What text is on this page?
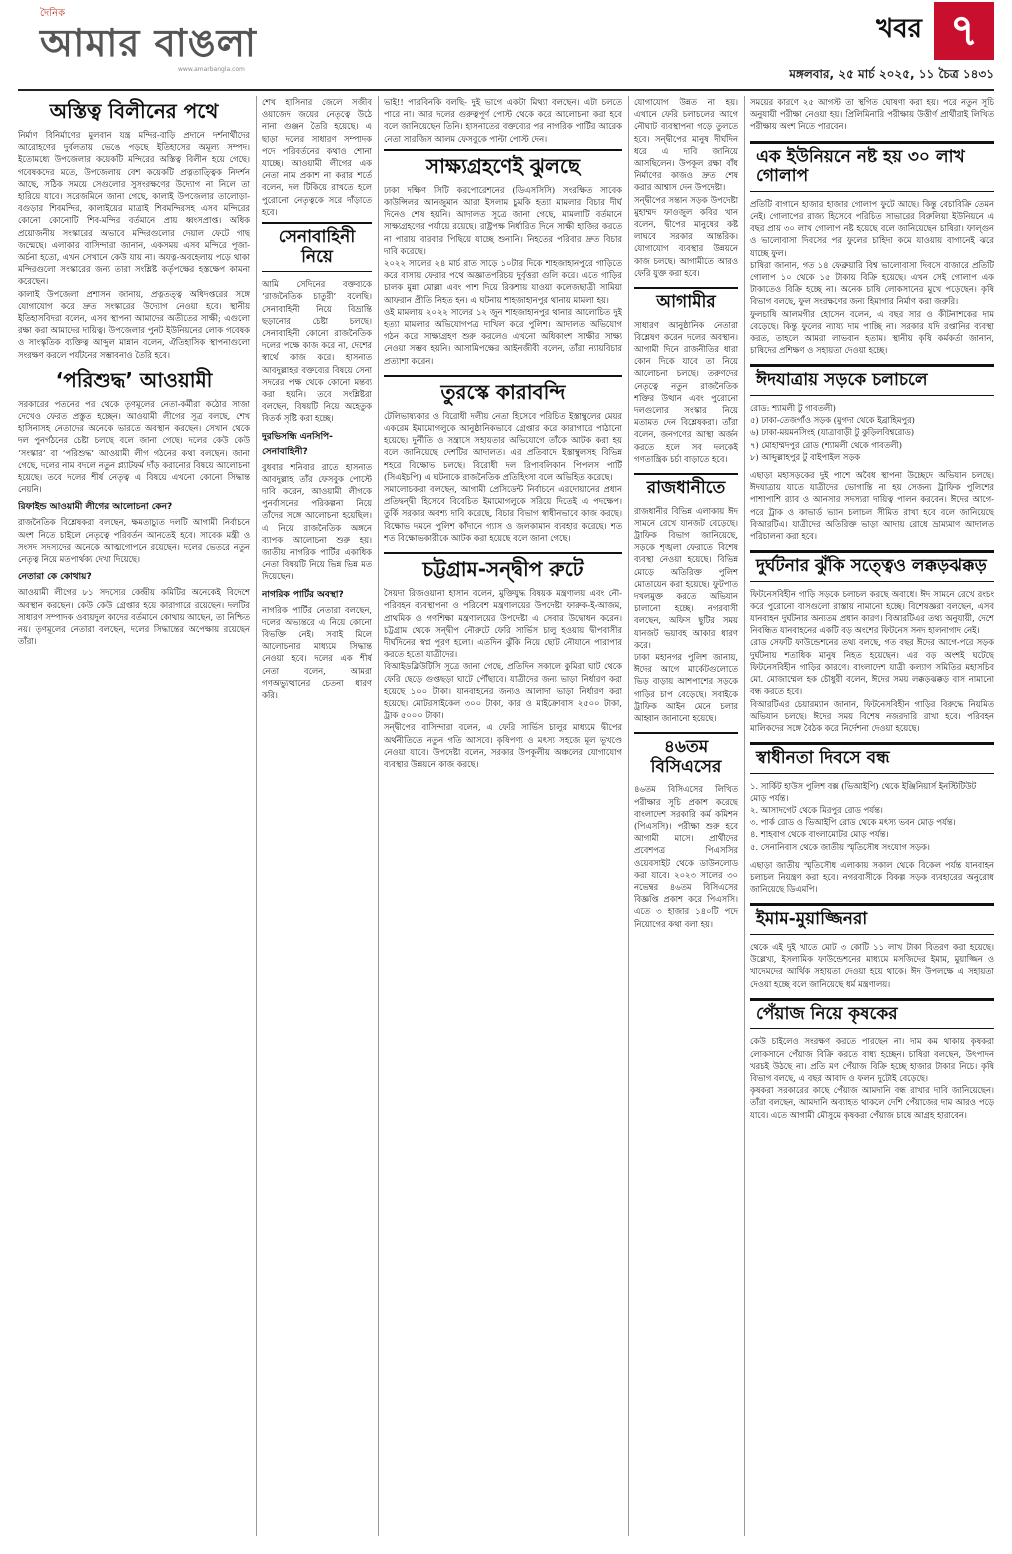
দৈনিক
আমার বাঙলা
www.amarbangla.com
খবর ৭
মঙ্গলবার, ২৫ মার্চ ২০২৫, ১১ চৈত্র ১৪৩১
অস্তিত্ব বিলীনের পথে

নির্মাণ বিনির্মাণের মুলবান যন্ত্র মন্দির-বাড়ি প্রদানে দর্শনার্থীদের আরোহণের দুর্বলতায় ভেঙে পড়ছে ইতিহাসের অমূল্য সম্পদ। ইতোমধ্যে উপজেলার কয়েকটি মন্দিরের অস্তিত্ব বিলীন হয়ে গেছে। গবেষকদের মতে, উপজেলায় বেশ কয়েকটি প্রত্নতাত্ত্বিক নিদর্শন আছে, সঠিক সময়ে সেগুলোর সুসংরক্ষণের উদ্যোগ না নিলে তা হারিয়ে যাবে। সরেজমিনে জানা গেছে, কালাই উপজেলার তালোড়া-বগুড়ার শিবমন্দির, কালাইয়ের মাত্রাই শিবমন্দিরসহ এসব মন্দিরের কোনো কোনোটি শিব-মন্দির বর্তমানে প্রায় ধ্বংসপ্রাপ্ত। অধিক প্রয়োজনীয় সংস্কারের অভাবে মন্দিরগুলোর দেয়াল ফেটে গাছ জন্মেছে। এলাকার বাসিন্দারা জানান, একসময় এসব মন্দিরে পূজা-অর্চনা হতো, এখন সেখানে কেউ যায় না। অযত্ন-অবহেলায় পড়ে থাকা মন্দিরগুলো সংস্কারের জন্য তারা সংশ্লিষ্ট কর্তৃপক্ষের হস্তক্ষেপ কামনা করেছেন।

কালাই উপজেলা প্রশাসন জানায়, প্রত্নতত্ত্ব অধিদপ্তরের সঙ্গে যোগাযোগ করে দ্রুত সংস্কারের উদ্যোগ নেওয়া হবে। স্থানীয় ইতিহাসবিদরা বলেন, এসব স্থাপনা আমাদের অতীতের সাক্ষী; এগুলো রক্ষা করা আমাদের দায়িত্ব। উপজেলার পুনট ইউনিয়নের লোক গবেষক ও সাংস্কৃতিক ব্যক্তিত্ব আব্দুল মান্নান বলেন, ঐতিহাসিক স্থাপনাগুলো সংরক্ষণ করলে পর্যটনের সম্ভাবনাও তৈরি হবে।

‘পরিশুদ্ধ’ আওয়ামী

সরকারের পতনের পর থেকে তৃণমূলের নেতা-কর্মীরা কঠোর সাজা দেখেও ফেরত প্রস্তুত হচ্ছেন। আওয়ামী লীগের সূত্র বলছে, শেখ হাসিনাসহ নেতাদের অনেকে ভারতে অবস্থান করছেন। সেখান থেকে দল পুনর্গঠনের চেষ্টা চলছে বলে জানা গেছে। দলের কেউ কেউ ‘সংস্কার’ বা ‘পরিশুদ্ধ’ আওয়ামী লীগ গঠনের কথা বলছেন। জানা গেছে, দলের নাম বদলে নতুন প্ল্যাটফর্ম দাঁড় করানোর বিষয়ে আলোচনা হয়েছে। তবে দলের শীর্ষ নেতৃত্ব এ বিষয়ে এখনো কোনো সিদ্ধান্ত নেয়নি।

রিফাইন্ড আওয়ামী লীগের আলোচনা কেন?

রাজনৈতিক বিশ্লেষকরা বলছেন, ক্ষমতাচ্যুত দলটি আগামী নির্বাচনে অংশ নিতে চাইলে নেতৃত্বে পরিবর্তন আনতেই হবে। সাবেক মন্ত্রী ও সংসদ সদস্যদের অনেকে আত্মগোপনে রয়েছেন। দলের ভেতরে নতুন নেতৃত্ব নিয়ে মতপার্থক্য দেখা দিয়েছে।

নেতারা কে কোথায়?

আওয়ামী লীগের ৮১ সদস্যের কেন্দ্রীয় কমিটির অনেকেই বিদেশে অবস্থান করছেন। কেউ কেউ গ্রেপ্তার হয়ে কারাগারে রয়েছেন। দলটির সাধারণ সম্পাদক ওবায়দুল কাদের বর্তমানে কোথায় আছেন, তা নিশ্চিত নয়। তৃণমূলের নেতারা বলছেন, দলের সিদ্ধান্তের অপেক্ষায় রয়েছেন তাঁরা।

শেখ হাসিনার জেলে সজীব ওয়াজেদ জয়ের নেতৃত্বে উঠে নানা গুঞ্জন তৈরি হয়েছে। এ ছাড়া দলের সাধারণ সম্পাদক পদে পরিবর্তনের কথাও শোনা যাচ্ছে। আওয়ামী লীগের এক নেতা নাম প্রকাশ না করার শর্তে বলেন, দল টিকিয়ে রাখতে হলে পুরোনো নেতৃত্বকে সরে দাঁড়াতে হবে।

সেনাবাহিনী নিয়ে

আমি সেদিনের বক্তব্যকে ‘রাজনৈতিক চাতুরী’ বলেছি। সেনাবাহিনী নিয়ে বিভ্রান্তি ছড়ানোর চেষ্টা চলছে। সেনাবাহিনী কোনো রাজনৈতিক দলের পক্ষে কাজ করে না, দেশের স্বার্থে কাজ করে। হাসনাত আবদুল্লাহর বক্তব্যের বিষয়ে সেনা সদরের পক্ষ থেকে কোনো মন্তব্য করা হয়নি। তবে সংশ্লিষ্টরা বলছেন, বিষয়টি নিয়ে অহেতুক বিতর্ক সৃষ্টি করা হচ্ছে।

দুরভিসন্ধি এনসিপি-সেনাবাহিনী?

বুধবার শনিবার রাতে হাসনাত আবদুল্লাহ তাঁর ফেসবুক পোস্টে দাবি করেন, আওয়ামী লীগকে পুনর্বাসনের পরিকল্পনা নিয়ে তাঁদের সঙ্গে আলোচনা হয়েছিল। এ নিয়ে রাজনৈতিক অঙ্গনে ব্যাপক আলোচনা শুরু হয়। জাতীয় নাগরিক পার্টির একাধিক নেতা বিষয়টি নিয়ে ভিন্ন ভিন্ন মত দিয়েছেন।

নাগরিক পার্টির অবস্থা?

নাগরিক পার্টির নেতারা বলছেন, দলের অভ্যন্তরে এ নিয়ে কোনো বিভক্তি নেই। সবাই মিলে আলোচনার মাধ্যমে সিদ্ধান্ত নেওয়া হবে। দলের এক শীর্ষ নেতা বলেন, আমরা গণঅভ্যুত্থানের চেতনা ধারণ করি।

ভাই!! পারবিনকি বলছি- দুই ভাগে একটা মিথ্যা বলছেন। এটা চলতে পারে না। আর দলের গুরুত্বপূর্ণ পোস্ট থেকে করে আলোচনা করা হবে বলে জানিয়েছেন তিনি। হাসনাতের বক্তব্যের পর নাগরিক পার্টির আরেক নেতা সারজিস আলম ফেসবুকে পাল্টা পোস্ট দেন।

সাক্ষ্যগ্রহণেই ঝুলছে

ঢাকা দক্ষিণ সিটি করপোরেশনের (ডিএসসিসি) সংরক্ষিত সাবেক কাউন্সিলর আনজুমান আরা ইসলাম চুমকি হত্যা মামলার বিচার দীর্ঘ দিনেও শেষ হয়নি। আদালত সূত্রে জানা গেছে, মামলাটি বর্তমানে সাক্ষ্যগ্রহণের পর্যায়ে রয়েছে। রাষ্ট্রপক্ষ নির্ধারিত দিনে সাক্ষী হাজির করতে না পারায় বারবার পিছিয়ে যাচ্ছে শুনানি। নিহতের পরিবার দ্রুত বিচার দাবি করেছে।

২০২২ সালের ২৪ মার্চ রাত সাড়ে ১০টার দিকে শাহজাহানপুরে গাড়িতে করে বাসায় ফেরার পথে অজ্ঞাতপরিচয় দুর্বৃত্তরা গুলি করে। এতে গাড়ির চালক মুন্না মোল্লা এবং পাশ দিয়ে রিকশায় যাওয়া কলেজছাত্রী সামিয়া আফরান প্রীতি নিহত হন। এ ঘটনায় শাহজাহানপুর থানায় মামলা হয়।

ওই মামলায় ২০২২ সালের ১২ জুন শাহজাহানপুর থানার আলোচিত দুই হত্যা মামলার অভিযোগপত্র দাখিল করে পুলিশ। আদালত অভিযোগ গঠন করে সাক্ষ্যগ্রহণ শুরু করলেও এখনো অধিকাংশ সাক্ষীর সাক্ষ্য নেওয়া সম্ভব হয়নি। আসামিপক্ষের আইনজীবী বলেন, তাঁরা ন্যায়বিচার প্রত্যাশা করেন।

তুরস্কে কারাবন্দি

টেলিভাষ্যকার ও বিরোধী দলীয় নেতা হিসেবে পরিচিত ইস্তাম্বুলের মেয়র একরেম ইমামোগলুকে আনুষ্ঠানিকভাবে গ্রেপ্তার করে কারাগারে পাঠানো হয়েছে। দুর্নীতি ও সন্ত্রাসে সহায়তার অভিযোগে তাঁকে আটক করা হয় বলে জানিয়েছে দেশটির আদালত। এর প্রতিবাদে ইস্তাম্বুলসহ বিভিন্ন শহরে বিক্ষোভ চলছে। বিরোধী দল রিপাবলিকান পিপলস পার্টি (সিএইচপি) এ ঘটনাকে রাজনৈতিক প্রতিহিংসা বলে অভিহিত করেছে।

সমালোচকরা বলছেন, আগামী প্রেসিডেন্ট নির্বাচনে এরদোয়ানের প্রধান প্রতিদ্বন্দ্বী হিসেবে বিবেচিত ইমামোগলুকে সরিয়ে দিতেই এ পদক্ষেপ। তুর্কি সরকার অবশ্য দাবি করেছে, বিচার বিভাগ স্বাধীনভাবে কাজ করছে। বিক্ষোভ দমনে পুলিশ কাঁদানে গ্যাস ও জলকামান ব্যবহার করেছে। শত শত বিক্ষোভকারীকে আটক করা হয়েছে বলে জানা গেছে।

চট্টগ্রাম-সন্দ্বীপ রুটে

সৈয়দা রিজওয়ানা হাসান বলেন, মুক্তিযুদ্ধ বিষয়ক মন্ত্রণালয় এবং নৌ-পরিবহন ব্যবস্থাপনা ও পরিবেশ মন্ত্রণালয়ের উপদেষ্টা ফারুক-ই-আজম, প্রাথমিক ও গণশিক্ষা মন্ত্রণালয়ের উপদেষ্টা এ সেবার উদ্বোধন করেন। চট্টগ্রাম থেকে সন্দ্বীপ নৌরুটে ফেরি সার্ভিস চালু হওয়ায় দ্বীপবাসীর দীর্ঘদিনের স্বপ্ন পূরণ হলো। এতদিন ঝুঁকি নিয়ে ছোট নৌযানে পারাপার করতে হতো যাত্রীদের।

বিআইডব্লিউটিসি সূত্রে জানা গেছে, প্রতিদিন সকালে কুমিরা ঘাট থেকে ফেরি ছেড়ে গুপ্তছড়া ঘাটে পৌঁছাবে। যাত্রীদের জন্য ভাড়া নির্ধারণ করা হয়েছে ১০০ টাকা। যানবাহনের জন্যও আলাদা ভাড়া নির্ধারণ করা হয়েছে। মোটরসাইকেল ৩০০ টাকা, কার ও মাইক্রোবাস ২৫০০ টাকা, ট্রাক ৫০০০ টাকা।

সন্দ্বীপের বাসিন্দারা বলেন, এ ফেরি সার্ভিস চালুর মাধ্যমে দ্বীপের অর্থনীতিতে নতুন গতি আসবে। কৃষিপণ্য ও মৎস্য সহজে মূল ভূখণ্ডে নেওয়া যাবে। উপদেষ্টা বলেন, সরকার উপকূলীয় অঞ্চলের যোগাযোগ ব্যবস্থার উন্নয়নে কাজ করছে।

যোগাযোগ উন্নত না হয়। এখানে ফেরি চলাচলের আগে নৌঘাট ব্যবস্থাপনা গড়ে তুলতে হবে। সন্দ্বীপের মানুষ দীর্ঘদিন ধরে এ দাবি জানিয়ে আসছিলেন। উপকূল রক্ষা বাঁধ নির্মাণের কাজও দ্রুত শেষ করার আশ্বাস দেন উপদেষ্টা।

সন্দ্বীপের সন্তান সড়ক উপদেষ্টা মুহাম্মদ ফাওজুল কবির খান বলেন, দ্বীপের মানুষের কষ্ট লাঘবে সরকার আন্তরিক। যোগাযোগ ব্যবস্থার উন্নয়নে কাজ চলছে। আগামীতে আরও ফেরি যুক্ত করা হবে।

আগামীর

সাধারণ আনুষ্ঠানিক নেতারা বিশ্লেষণ করেন দলের অবস্থান। আগামী দিনে রাজনীতির ধারা কোন দিকে যাবে তা নিয়ে আলোচনা চলছে। তরুণদের নেতৃত্বে নতুন রাজনৈতিক শক্তির উত্থান এবং পুরোনো দলগুলোর সংস্কার নিয়ে মতামত দেন বিশ্লেষকরা। তাঁরা বলেন, জনগণের আস্থা অর্জন করতে হলে সব দলকেই গণতান্ত্রিক চর্চা বাড়াতে হবে।

রাজধানীতে

রাজধানীর বিভিন্ন এলাকায় ঈদ সামনে রেখে যানজট বেড়েছে। ট্রাফিক বিভাগ জানিয়েছে, সড়কে শৃঙ্খলা ফেরাতে বিশেষ ব্যবস্থা নেওয়া হয়েছে। বিভিন্ন মোড়ে অতিরিক্ত পুলিশ মোতায়েন করা হয়েছে। ফুটপাত দখলমুক্ত করতে অভিযান চালানো হচ্ছে। নগরবাসী বলছেন, অফিস ছুটির সময় যানজট ভয়াবহ আকার ধারণ করে।

ঢাকা মহানগর পুলিশ জানায়, ঈদের আগে মার্কেটগুলোতে ভিড় বাড়ায় আশপাশের সড়কে গাড়ির চাপ বেড়েছে। সবাইকে ট্রাফিক আইন মেনে চলার আহ্বান জানানো হয়েছে।

৪৬তম বিসিএসের

৪৬তম বিসিএসের লিখিত পরীক্ষার সূচি প্রকাশ করেছে বাংলাদেশ সরকারি কর্ম কমিশন (পিএসসি)। পরীক্ষা শুরু হবে আগামী মাসে। প্রার্থীদের প্রবেশপত্র পিএসসির ওয়েবসাইট থেকে ডাউনলোড করা যাবে। ২০২৩ সালের ৩০ নভেম্বর ৪৬তম বিসিএসের বিজ্ঞপ্তি প্রকাশ করে পিএসসি। এতে ৩ হাজার ১৪০টি পদে নিয়োগের কথা বলা হয়।

সময়ের কারণে ২৫ আগস্ট তা স্থগিত ঘোষণা করা হয়। পরে নতুন সূচি অনুযায়ী পরীক্ষা নেওয়া হয়। প্রিলিমিনারি পরীক্ষায় উত্তীর্ণ প্রার্থীরাই লিখিত পরীক্ষায় অংশ নিতে পারবেন।

এক ইউনিয়নে নষ্ট হয় ৩০ লাখ গোলাপ

প্রতিটি বাগানে হাজার হাজার গোলাপ ফুটে আছে। কিন্তু বেচাবিক্রি তেমন নেই। গোলাপের রাজ্য হিসেবে পরিচিত সাভারের বিরুলিয়া ইউনিয়নে এ বছর প্রায় ৩০ লাখ গোলাপ নষ্ট হয়েছে বলে জানিয়েছেন চাষিরা। ফাল্গুন ও ভালোবাসা দিবসের পর ফুলের চাহিদা কমে যাওয়ায় বাগানেই ঝরে যাচ্ছে ফুল।

চাষিরা জানান, গত ১৪ ফেব্রুয়ারি বিশ্ব ভালোবাসা দিবসে বাজারে প্রতিটি গোলাপ ১০ থেকে ১৫ টাকায় বিক্রি হয়েছে। এখন সেই গোলাপ এক টাকাতেও বিক্রি হচ্ছে না। অনেক চাষি লোকসানের মুখে পড়েছেন। কৃষি বিভাগ বলছে, ফুল সংরক্ষণের জন্য হিমাগার নির্মাণ করা জরুরি।

ফুলচাষি আলমগীর হোসেন বলেন, এ বছর সার ও কীটনাশকের দাম বেড়েছে। কিন্তু ফুলের ন্যায্য দাম পাচ্ছি না। সরকার যদি রপ্তানির ব্যবস্থা করত, তাহলে আমরা লাভবান হতাম। স্থানীয় কৃষি কর্মকর্তা জানান, চাষিদের প্রশিক্ষণ ও সহায়তা দেওয়া হচ্ছে।

ঈদযাত্রায় সড়কে চলাচলে
রোড: শ্যামলী টু গাবতলী)
৫) ঢাকা-তেজগাঁও সড়ক (মুগদা থেকে ইব্রাহিমপুর)
৬) ঢাকা-ময়মনসিংহ (যাত্রাবাড়ী টু কুড়িলবিশ্বরোড)
৭) মোহাম্মদপুর রোড (শ্যামলী থেকে গাবতলী)
৮) আব্দুল্লাহপুর টু বাইপাইল সড়ক

এছাড়া মহাসড়কের দুই পাশে অবৈধ স্থাপনা উচ্ছেদে অভিযান চলছে। ঈদযাত্রায় যাতে যাত্রীদের ভোগান্তি না হয় সেজন্য ট্রাফিক পুলিশের পাশাপাশি র‌্যাব ও আনসার সদস্যরা দায়িত্ব পালন করবেন। ঈদের আগে-পরে ট্রাক ও কাভার্ড ভ্যান চলাচল সীমিত রাখা হবে বলে জানিয়েছে বিআরটিএ। যাত্রীদের অতিরিক্ত ভাড়া আদায় রোধে ভ্রাম্যমাণ আদালত পরিচালনা করা হবে।

দুর্ঘটনার ঝুঁকি সত্ত্বেও লক্কড়ঝক্কড়

ফিটনেসবিহীন গাড়ি সড়কে চলাচল করছে অবাধে। ঈদ সামনে রেখে রংচং করে পুরোনো বাসগুলো রাস্তায় নামানো হচ্ছে। বিশেষজ্ঞরা বলছেন, এসব যানবাহন দুর্ঘটনার অন্যতম প্রধান কারণ। বিআরটিএর তথ্য অনুযায়ী, দেশে নিবন্ধিত যানবাহনের একটি বড় অংশের ফিটনেস সনদ হালনাগাদ নেই।

রোড সেফটি ফাউন্ডেশনের তথ্য বলছে, গত বছর ঈদের আগে-পরে সড়ক দুর্ঘটনায় শতাধিক মানুষ নিহত হয়েছেন। এর বড় অংশই ঘটেছে ফিটনেসবিহীন গাড়ির কারণে। বাংলাদেশ যাত্রী কল্যাণ সমিতির মহাসচিব মো. মোজাম্মেল হক চৌধুরী বলেন, ঈদের সময় লক্কড়ঝক্কড় বাস নামানো বন্ধ করতে হবে।

বিআরটিএর চেয়ারম্যান জানান, ফিটনেসবিহীন গাড়ির বিরুদ্ধে নিয়মিত অভিযান চলছে। ঈদের সময় বিশেষ নজরদারি রাখা হবে। পরিবহন মালিকদের সঙ্গে বৈঠক করে নির্দেশনা দেওয়া হয়েছে।

স্বাধীনতা দিবসে বন্ধ
১. সার্কিট হাউস পুলিশ বক্স (ভিআইপি) থেকে ইঞ্জিনিয়ার্স ইনস্টিটিউট মোড় পর্যন্ত।
২. আসাদগেট থেকে মিরপুর রোড পর্যন্ত।
৩. পার্ক রোড ও ভিআইপি রোড থেকে মৎস্য ভবন মোড় পর্যন্ত।
৪. শাহবাগ থেকে বাংলামোটর মোড় পর্যন্ত।
৫. সেনানিবাস থেকে জাতীয় স্মৃতিসৌধ সংযোগ সড়ক।

এছাড়া জাতীয় স্মৃতিসৌধ এলাকায় সকাল থেকে বিকেল পর্যন্ত যানবাহন চলাচল নিয়ন্ত্রণ করা হবে। নগরবাসীকে বিকল্প সড়ক ব্যবহারের অনুরোধ জানিয়েছে ডিএমপি।

ইমাম-মুয়াজ্জিনরা

থেকে এই দুই খাতে মোট ৩ কোটি ১১ লাখ টাকা বিতরণ করা হয়েছে। উল্লেখ্য, ইসলামিক ফাউন্ডেশনের মাধ্যমে মসজিদের ইমাম, মুয়াজ্জিন ও খাদেমদের আর্থিক সহায়তা দেওয়া হয়ে থাকে। ঈদ উপলক্ষে এ সহায়তা দেওয়া হচ্ছে বলে জানিয়েছে ধর্ম মন্ত্রণালয়।

পেঁয়াজ নিয়ে কৃষকের

কেউ চাইলেও সংরক্ষণ করতে পারছেন না। দাম কম থাকায় কৃষকরা লোকসানে পেঁয়াজ বিক্রি করতে বাধ্য হচ্ছেন। চাষিরা বলছেন, উৎপাদন খরচই উঠছে না। প্রতি মণ পেঁয়াজ বিক্রি হচ্ছে হাজার টাকার নিচে। কৃষি বিভাগ বলছে, এ বছর আবাদ ও ফলন দুটোই বেড়েছে।

কৃষকরা সরকারের কাছে পেঁয়াজ আমদানি বন্ধ রাখার দাবি জানিয়েছেন। তাঁরা বলছেন, আমদানি অব্যাহত থাকলে দেশি পেঁয়াজের দাম আরও পড়ে যাবে। এতে আগামী মৌসুমে কৃষকরা পেঁয়াজ চাষে আগ্রহ হারাবেন।
